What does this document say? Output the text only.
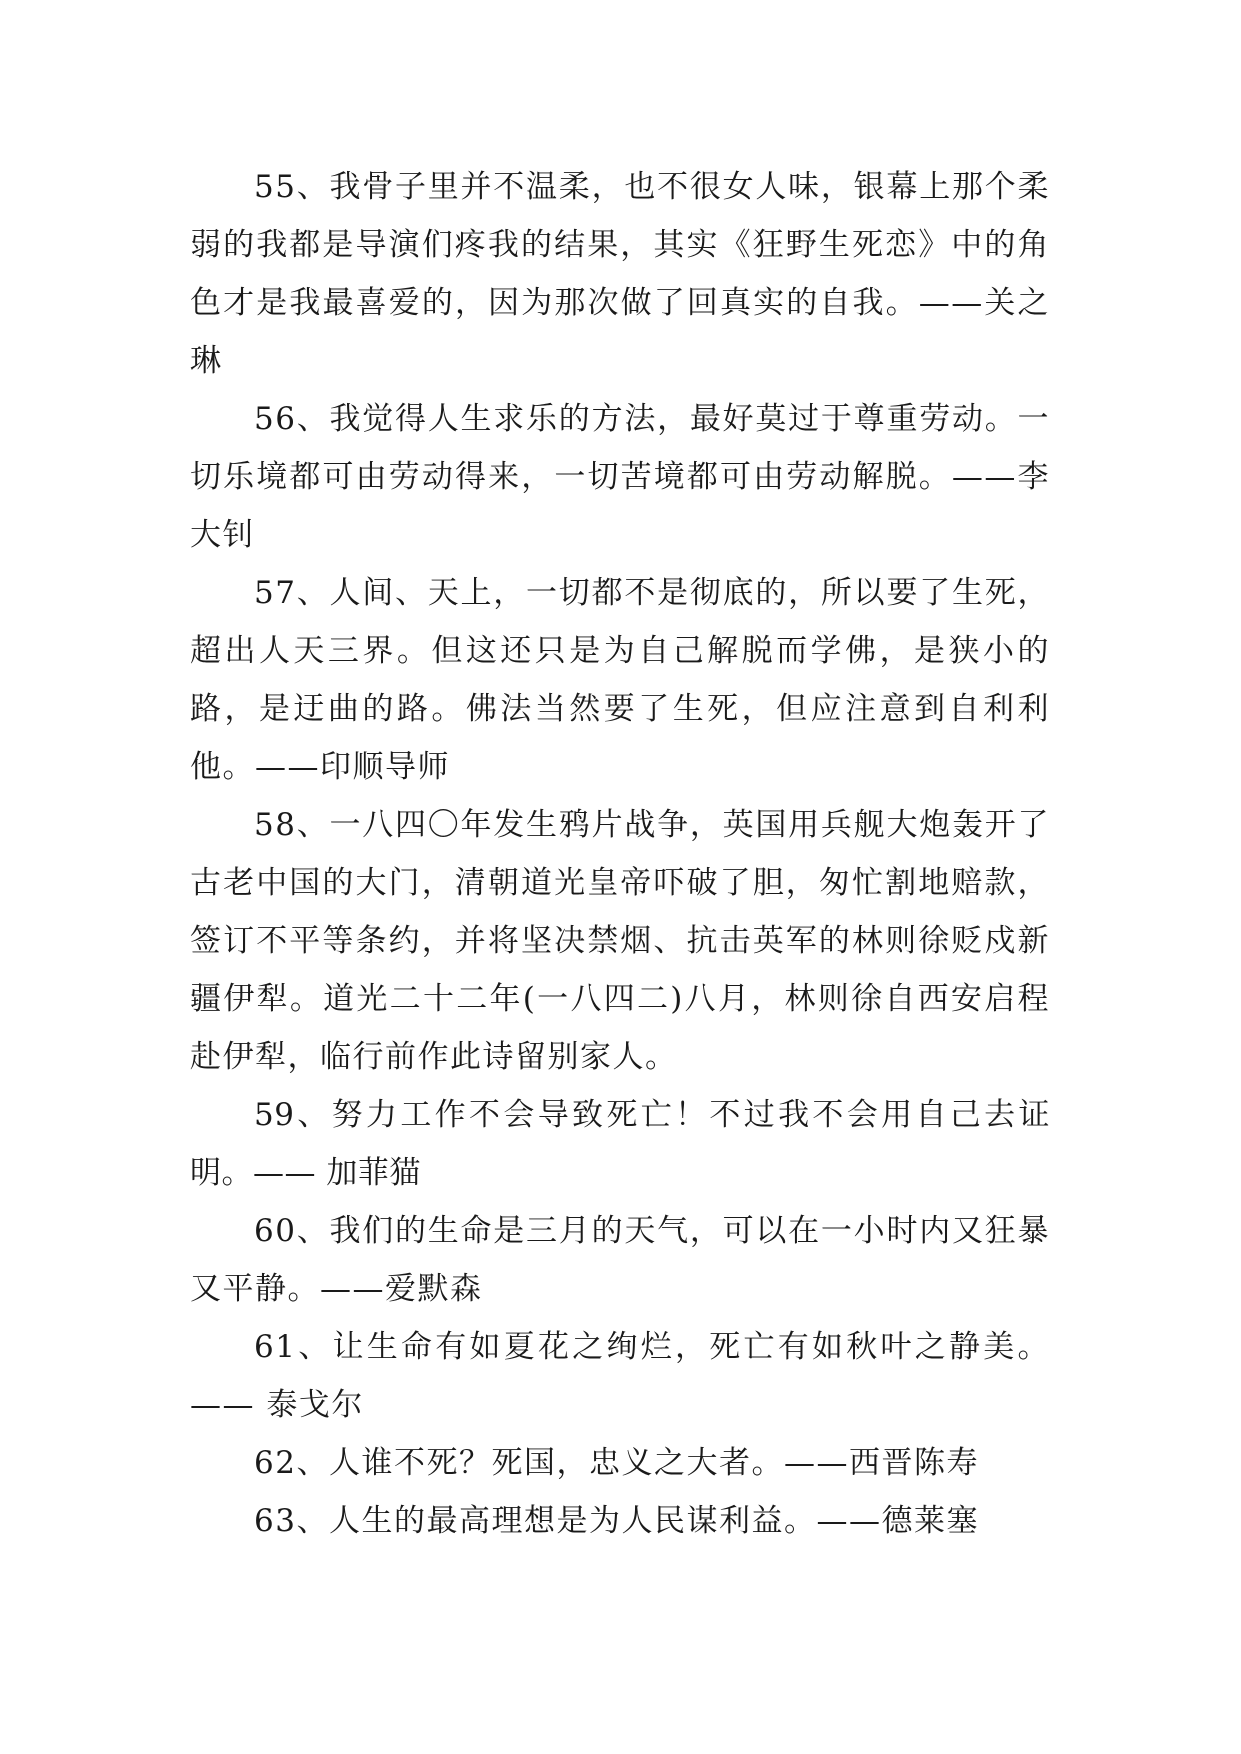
55、我骨子里并不温柔，也不很女人味，银幕上那个柔弱的我都是导演们疼我的结果，其实《狂野生死恋》中的角色才是我最喜爱的，因为那次做了回真实的自我。——关之琳

56、我觉得人生求乐的方法，最好莫过于尊重劳动。一切乐境都可由劳动得来，一切苦境都可由劳动解脱。——李大钊

57、人间、天上，一切都不是彻底的，所以要了生死，超出人天三界。但这还只是为自己解脱而学佛，是狭小的路，是迂曲的路。佛法当然要了生死，但应注意到自利利他。——印顺导师

58、一八四〇年发生鸦片战争，英国用兵舰大炮轰开了古老中国的大门，清朝道光皇帝吓破了胆，匆忙割地赔款，签订不平等条约，并将坚决禁烟、抗击英军的林则徐贬戍新疆伊犁。道光二十二年(一八四二)八月，林则徐自西安启程赴伊犁，临行前作此诗留别家人。

59、努力工作不会导致死亡！不过我不会用自己去证明。—— 加菲猫

60、我们的生命是三月的天气，可以在一小时内又狂暴又平静。——爱默森

61、让生命有如夏花之绚烂，死亡有如秋叶之静美。—— 泰戈尔

62、人谁不死？死国，忠义之大者。——西晋陈寿

63、人生的最高理想是为人民谋利益。——德莱塞
